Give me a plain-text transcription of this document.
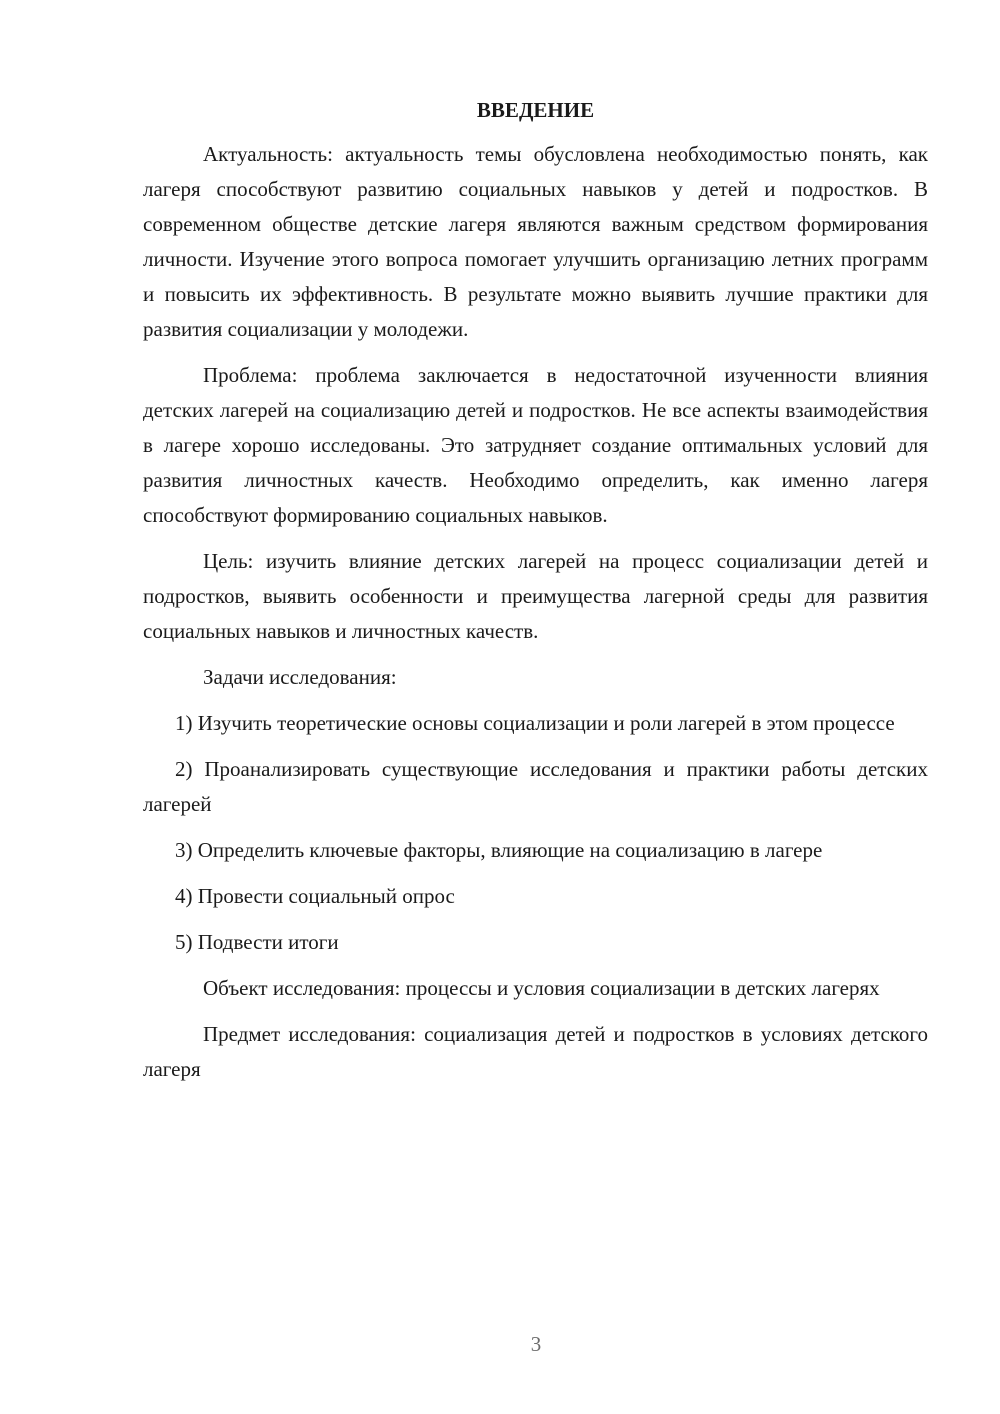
ВВЕДЕНИЕ

Актуальность: актуальность темы обусловлена необходимостью понять, как лагеря способствуют развитию социальных навыков у детей и подростков. В современном обществе детские лагеря являются важным средством формирования личности. Изучение этого вопроса помогает улучшить организацию летних программ и повысить их эффективность. В результате можно выявить лучшие практики для развития социализации у молодежи.

Проблема: проблема заключается в недостаточной изученности влияния детских лагерей на социализацию детей и подростков. Не все аспекты взаимодействия в лагере хорошо исследованы. Это затрудняет создание оптимальных условий для развития личностных качеств. Необходимо определить, как именно лагеря способствуют формированию социальных навыков.

Цель: изучить влияние детских лагерей на процесс социализации детей и подростков, выявить особенности и преимущества лагерной среды для развития социальных навыков и личностных качеств.

Задачи исследования:

1) Изучить теоретические основы социализации и роли лагерей в этом процессе

2) Проанализировать существующие исследования и практики работы детских лагерей

3) Определить ключевые факторы, влияющие на социализацию в лагере

4) Провести социальный опрос

5) Подвести итоги

Объект исследования: процессы и условия социализации в детских лагерях

Предмет исследования: социализация детей и подростков в условиях детского лагеря

3
